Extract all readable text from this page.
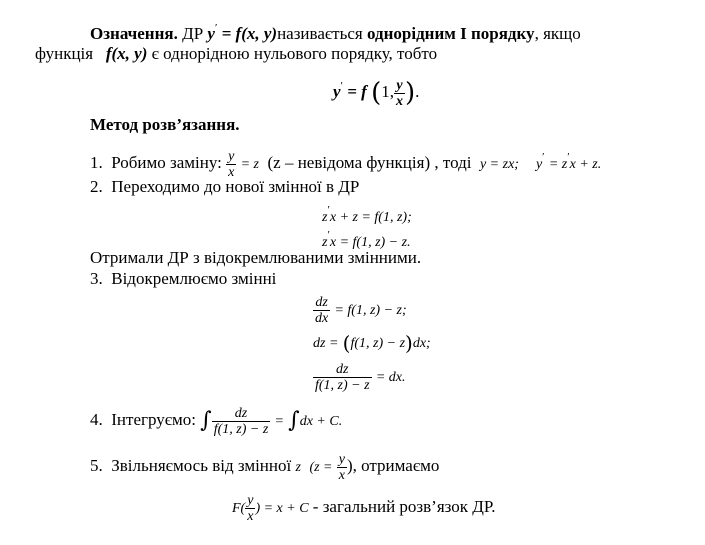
Означення. ДР y′ = f(x, y)називається однорідним I порядку, якщо
функція f(x, y) є однорідною нульового порядку, тобто
y′ = f (1, $\frac{y}{x}$ ).
Метод розв’язання.
1. Робимо заміну: $\frac{y}{x} = z$ (z – невідома функція) , тоді y = zx; y′ = z′x + z.
2. Переходимо до нової змінної в ДР
z′x + z = f(1, z);
z′x = f(1, z) − z.
Отримали ДР з відокремлюваними змінними.
3. Відокремлюємо змінні
$\frac{dz}{dx} = f(1$, z) − z;
dz = (f(1, z) − z)dx;
$\frac{dz}{f(1, z) - z}$ = dx.
4. Інтегруємо: ∫ $\frac{dz}{f(1, z) - z} = \int dx + C$.
5. Звільняємось від змінної z ($z = \frac{y}{x}$ ), отримаємо
$F( \frac{y}{x}$ ) = x + C - загальний розв’язок ДР.
